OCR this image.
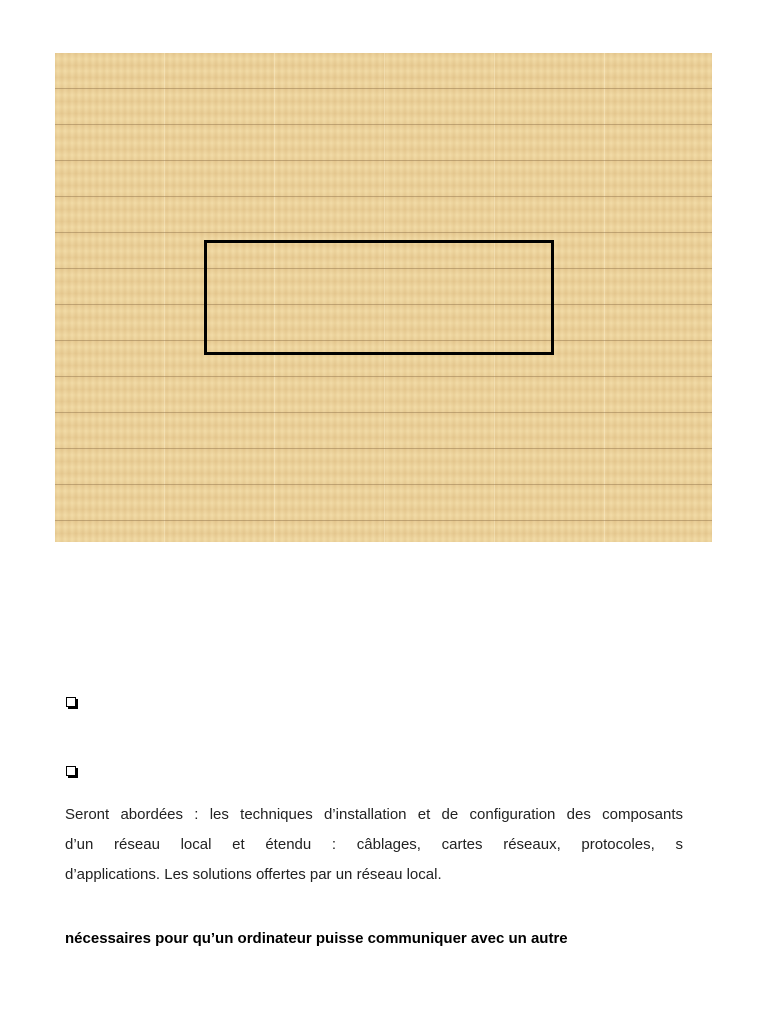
Seront abordées : les techniques d’installation et de configuration des composants
d’un réseau local et étendu : câblages, cartes réseaux, protocoles, s
d’applications. Les solutions offertes par un réseau local.
nécessaires pour qu’un ordinateur puisse communiquer avec un autre
